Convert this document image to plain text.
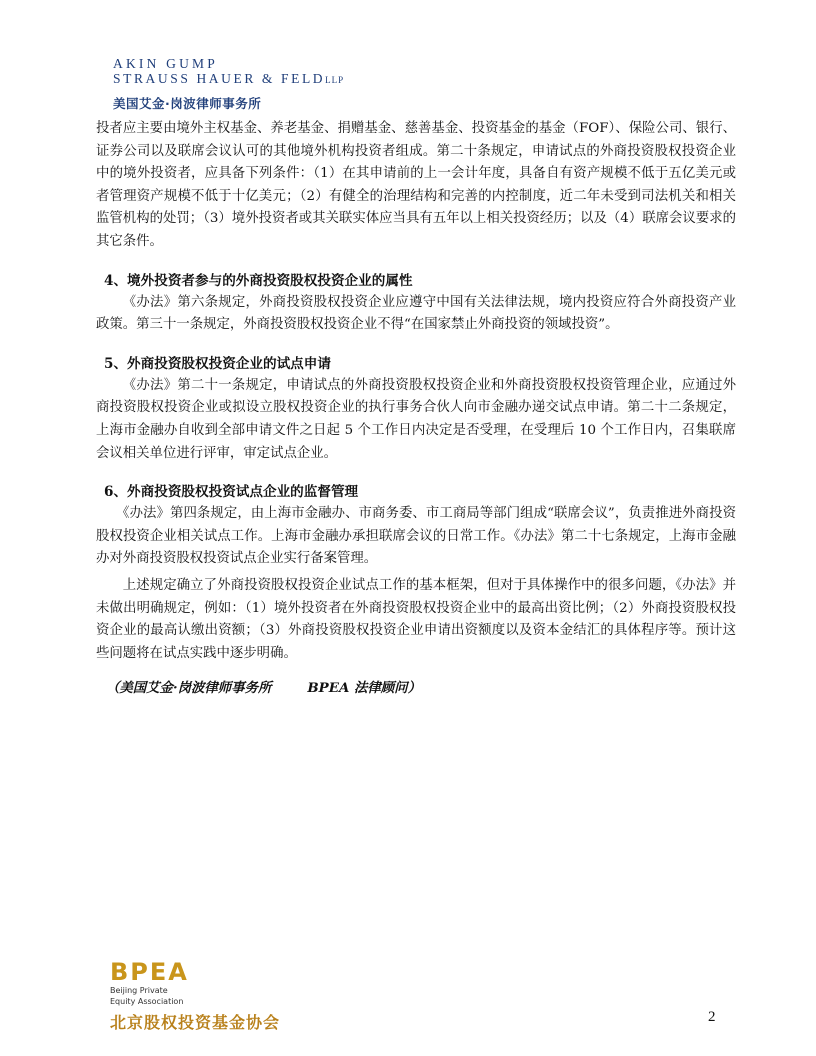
AKIN GUMP
STRAUSS HAUER & FELDLLP
美国艾金·岗波律师事务所

投者应主要由境外主权基金、养老基金、捐赠基金、慈善基金、投资基金的基金（FOF）、保险公司、银行、证券公司以及联席会议认可的其他境外机构投资者组成。第二十条规定，申请试点的外商投资股权投资企业中的境外投资者，应具备下列条件：（1）在其申请前的上一会计年度，具备自有资产规模不低于五亿美元或者管理资产规模不低于十亿美元；（2）有健全的治理结构和完善的内控制度，近二年未受到司法机关和相关监管机构的处罚；（3）境外投资者或其关联实体应当具有五年以上相关投资经历；以及（4）联席会议要求的其它条件。

4、境外投资者参与的外商投资股权投资企业的属性

《办法》第六条规定，外商投资股权投资企业应遵守中国有关法律法规，境内投资应符合外商投资产业政策。第三十一条规定，外商投资股权投资企业不得“在国家禁止外商投资的领域投资”。

5、外商投资股权投资企业的试点申请

《办法》第二十一条规定，申请试点的外商投资股权投资企业和外商投资股权投资管理企业，应通过外商投资股权投资企业或拟设立股权投资企业的执行事务合伙人向市金融办递交试点申请。第二十二条规定，上海市金融办自收到全部申请文件之日起 5 个工作日内决定是否受理，在受理后 10 个工作日内，召集联席会议相关单位进行评审，审定试点企业。

6、外商投资股权投资试点企业的监督管理

《办法》第四条规定，由上海市金融办、市商务委、市工商局等部门组成“联席会议”，负责推进外商投资股权投资企业相关试点工作。上海市金融办承担联席会议的日常工作。《办法》第二十七条规定，上海市金融办对外商投资股权投资试点企业实行备案管理。

上述规定确立了外商投资股权投资企业试点工作的基本框架，但对于具体操作中的很多问题，《办法》并未做出明确规定，例如：（1）境外投资者在外商投资股权投资企业中的最高出资比例；（2）外商投资股权投资企业的最高认缴出资额；（3）外商投资股权投资企业申请出资额度以及资本金结汇的具体程序等。预计这些问题将在试点实践中逐步明确。

（美国艾金·岗波律师事务所	BPEA 法律顾问）
BPEA
Beijing Private
Equity Association
北京股权投资基金协会	2
